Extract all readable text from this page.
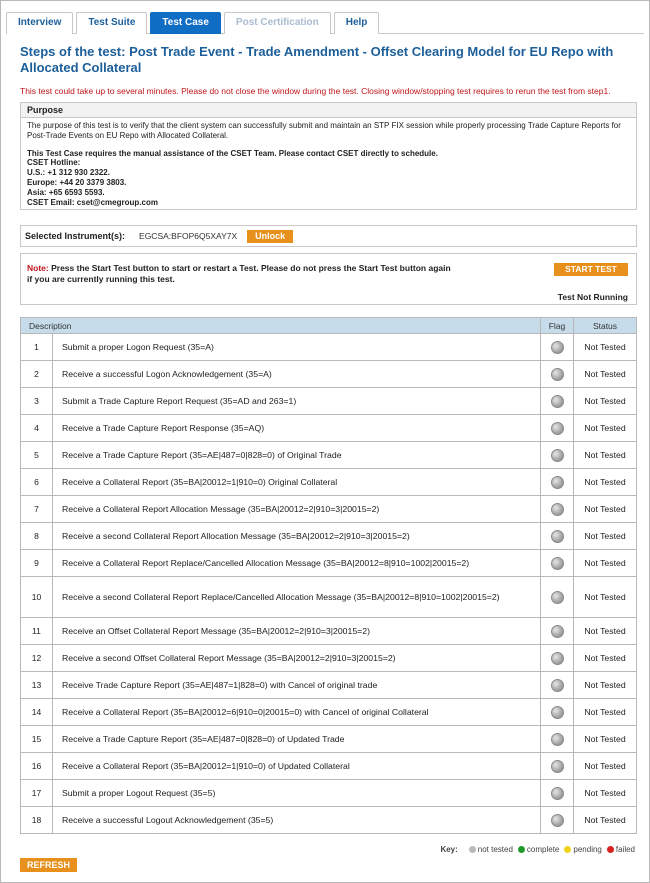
Interview	Test Suite	Test Case	Post Certification	Help
Steps of the test: Post Trade Event - Trade Amendment - Offset Clearing Model for EU Repo with Allocated Collateral
This test could take up to several minutes. Please do not close the window during the test. Closing window/stopping test requires to rerun the test from step1.
Purpose

The purpose of this test is to verify that the client system can successfully submit and maintain an STP FIX session while properly processing Trade Capture Reports for Post-Trade Events on EU Repo with Allocated Collateral.

This Test Case requires the manual assistance of the CSET Team. Please contact CSET directly to schedule.
CSET Hotline:
U.S.: +1 312 930 2322.
Europe: +44 20 3379 3803.
Asia: +65 6593 5593.
CSET Email: cset@cmegroup.com
Selected Instrument(s): EGCSA:BFOP6Q5XAY7X	Unlock
Note: Press the Start Test button to start or restart a Test. Please do not press the Start Test button again if you are currently running this test.
START TEST
Test Not Running
Description		Flag	Status
1	Submit a proper Logon Request (35=A)		Not Tested
2	Receive a successful Logon Acknowledgement (35=A)		Not Tested
3	Submit a Trade Capture Report Request (35=AD and 263=1)		Not Tested
4	Receive a Trade Capture Report Response (35=AQ)		Not Tested
5	Receive a Trade Capture Report (35=AE|487=0|828=0) of Original Trade		Not Tested
6	Receive a Collateral Report (35=BA|20012=1|910=0) Original Collateral		Not Tested
7	Receive a Collateral Report Allocation Message (35=BA|20012=2|910=3|20015=2)		Not Tested
8	Receive a second Collateral Report Allocation Message (35=BA|20012=2|910=3|20015=2)		Not Tested
9	Receive a Collateral Report Replace/Cancelled Allocation Message (35=BA|20012=8|910=1002|20015=2)		Not Tested
10	Receive a second Collateral Report Replace/Cancelled Allocation Message (35=BA|20012=8|910=1002|20015=2)		Not Tested
11	Receive an Offset Collateral Report Message (35=BA|20012=2|910=3|20015=2)		Not Tested
12	Receive a second Offset Collateral Report Message (35=BA|20012=2|910=3|20015=2)		Not Tested
13	Receive Trade Capture Report (35=AE|487=1|828=0) with Cancel of original trade		Not Tested
14	Receive a Collateral Report (35=BA|20012=6|910=0|20015=0) with Cancel of original Collateral		Not Tested
15	Receive a Trade Capture Report (35=AE|487=0|828=0) of Updated Trade		Not Tested
16	Receive a Collateral Report (35=BA|20012=1|910=0) of Updated Collateral		Not Tested
17	Submit a proper Logout Request (35=5)		Not Tested
18	Receive a successful Logout Acknowledgement (35=5)		Not Tested
Key:	not tested complete pending failed
REFRESH
